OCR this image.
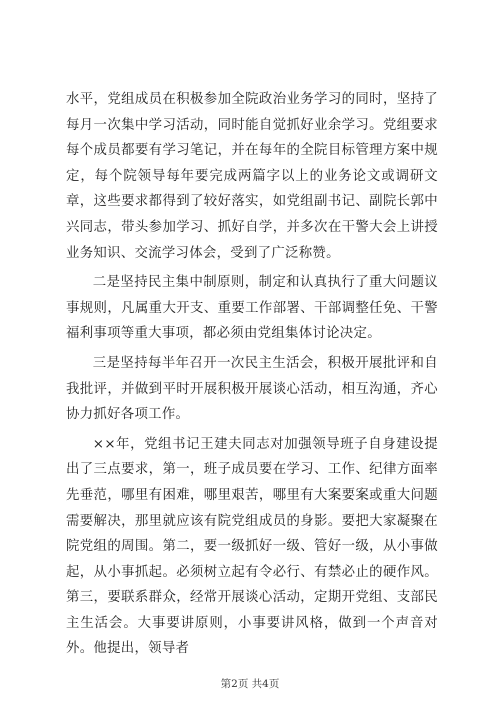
水平，党组成员在积极参加全院政治业务学习的同时，坚持了每月一次集中学习活动，同时能自觉抓好业余学习。党组要求每个成员都要有学习笔记，并在每年的全院目标管理方案中规定，每个院领导每年要完成两篇字以上的业务论文或调研文章，这些要求都得到了较好落实，如党组副书记、副院长郭中兴同志，带头参加学习、抓好自学，并多次在干警大会上讲授业务知识、交流学习体会，受到了广泛称赞。

二是坚持民主集中制原则，制定和认真执行了重大问题议事规则，凡属重大开支、重要工作部署、干部调整任免、干警福利事项等重大事项，都必须由党组集体讨论决定。

三是坚持每半年召开一次民主生活会，积极开展批评和自我批评，并做到平时开展积极开展谈心活动，相互沟通，齐心协力抓好各项工作。

××年，党组书记王建夫同志对加强领导班子自身建设提出了三点要求，第一，班子成员要在学习、工作、纪律方面率先垂范，哪里有困难，哪里艰苦，哪里有大案要案或重大问题需要解决，那里就应该有院党组成员的身影。要把大家凝聚在院党组的周围。第二，要一级抓好一级、管好一级，从小事做起，从小事抓起。必须树立起有令必行、有禁必止的硬作风。第三，要联系群众，经常开展谈心活动，定期开党组、支部民主生活会。大事要讲原则，小事要讲风格，做到一个声音对外。他提出，领导者

第2页 共4页
